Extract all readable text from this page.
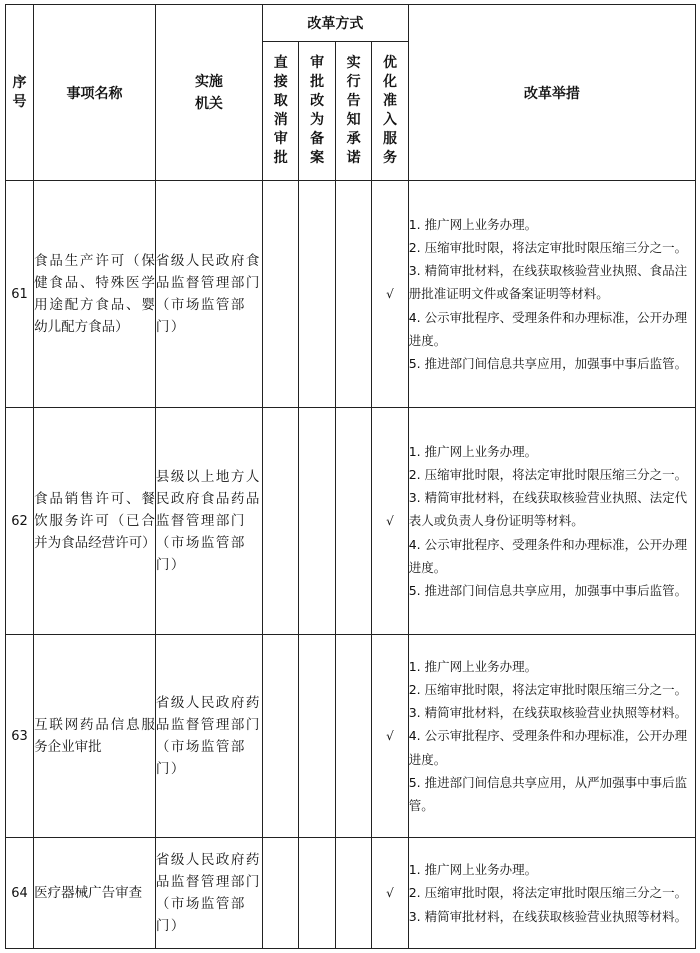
序号	事项名称	实施机关	改革方式				改革举措

			直接取消审批	审批改为备案	实行告知承诺	优化准入服务	

61	食品生产许可（保健食品、特殊医学用途配方食品、婴幼儿配方食品）	省级人民政府食品监督管理部门（市场监管部门）				√	1. 推广网上业务办理。
2. 压缩审批时限，将法定审批时限压缩三分之一。
3. 精简审批材料，在线获取核验营业执照、食品注册批准证明文件或备案证明等材料。
4. 公示审批程序、受理条件和办理标准，公开办理进度。
5. 推进部门间信息共享应用，加强事中事后监管。

62	食品销售许可、餐饮服务许可（已合并为食品经营许可）	县级以上地方人民政府食品药品监督管理部门（市场监管部门）				√	1. 推广网上业务办理。
2. 压缩审批时限，将法定审批时限压缩三分之一。
3. 精简审批材料，在线获取核验营业执照、法定代表人或负责人身份证明等材料。
4. 公示审批程序、受理条件和办理标准，公开办理进度。
5. 推进部门间信息共享应用，加强事中事后监管。

63	互联网药品信息服务企业审批	省级人民政府药品监督管理部门（市场监管部门）				√	1. 推广网上业务办理。
2. 压缩审批时限，将法定审批时限压缩三分之一。
3. 精简审批材料，在线获取核验营业执照等材料。
4. 公示审批程序、受理条件和办理标准，公开办理进度。
5. 推进部门间信息共享应用，从严加强事中事后监管。

64	医疗器械广告审查	省级人民政府药品监督管理部门（市场监管部门）				√	1. 推广网上业务办理。
2. 压缩审批时限，将法定审批时限压缩三分之一。
3. 精简审批材料，在线获取核验营业执照等材料。
